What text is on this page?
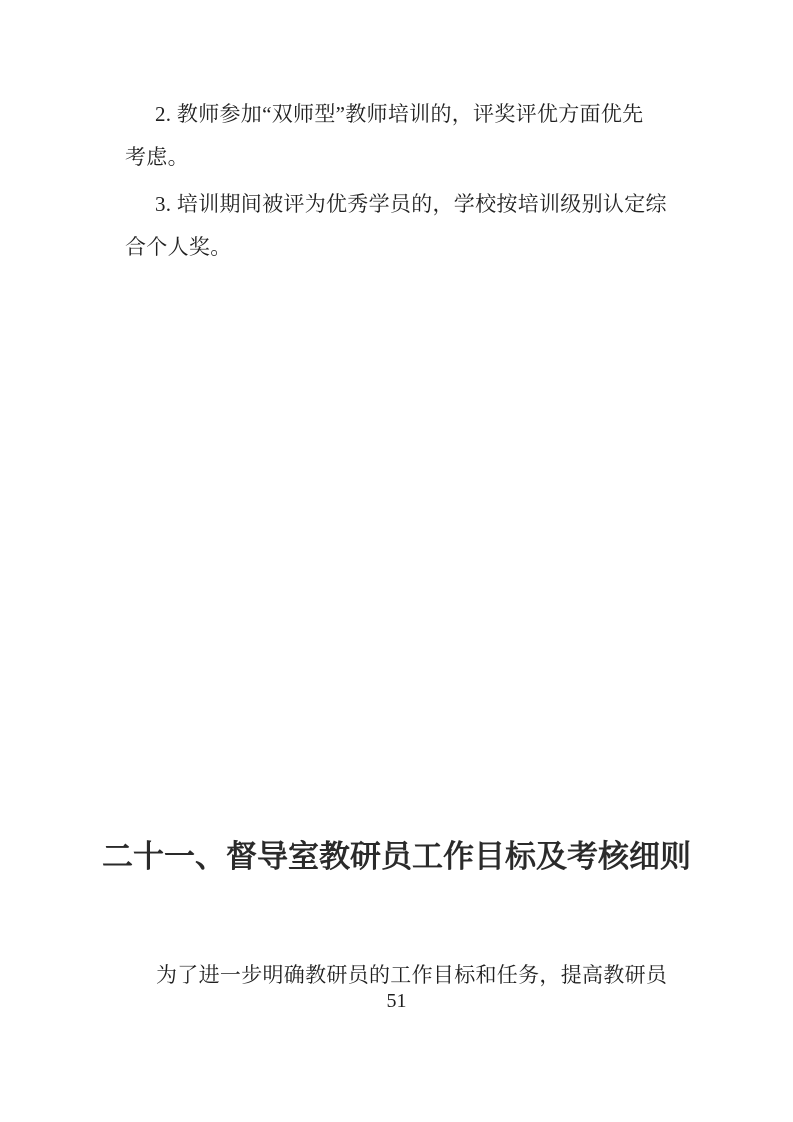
2. 教师参加“双师型”教师培训的，评奖评优方面优先
考虑。

3. 培训期间被评为优秀学员的，学校按培训级别认定综
合个人奖。

二十一、督导室教研员工作目标及考核细则

为了进一步明确教研员的工作目标和任务，提高教研员

51
